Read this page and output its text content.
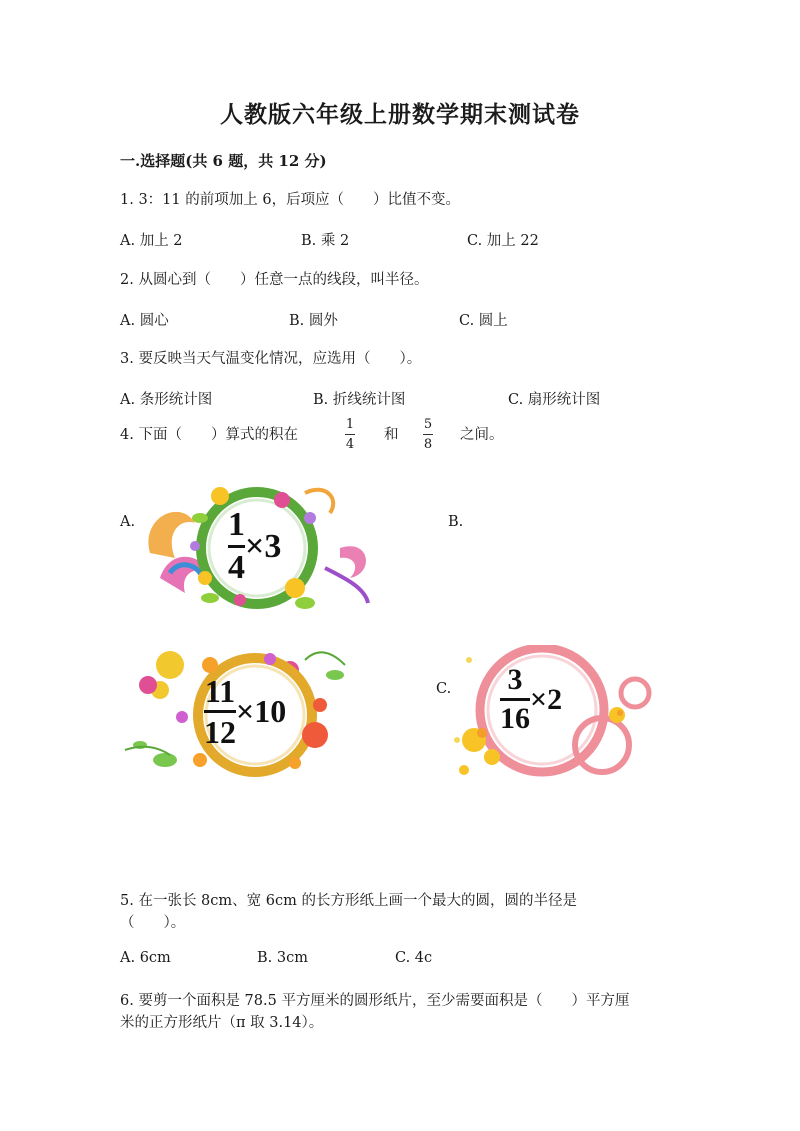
人教版六年级上册数学期末测试卷
一.选择题(共 6 题，共 12 分)
1. 3：11 的前项加上 6，后项应（　　）比值不变。
A. 加上 2	B. 乘 2	C. 加上 22
2. 从圆心到（　　）任意一点的线段，叫半径。
A. 圆心	B. 圆外	C. 圆上
3. 要反映当天气温变化情况，应选用（　　）。
A. 条形统计图	B. 折线统计图	C. 扇形统计图
4. 下面（　　）算式的积在
1
4
和
5
8
之间。
A.	B.
C.
$\frac{1}{4} \times 3$
$\frac{11}{12} \times 10$	$\frac{3}{16} \times 2$
5. 在一张长 8cm、宽 6cm 的长方形纸上画一个最大的圆，圆的半径是
（　　）。
A. 6cm	B. 3cm	C. 4c
6. 要剪一个面积是 78.5 平方厘米的圆形纸片，至少需要面积是（　　）平方厘
米的正方形纸片（π 取 3.14）。
